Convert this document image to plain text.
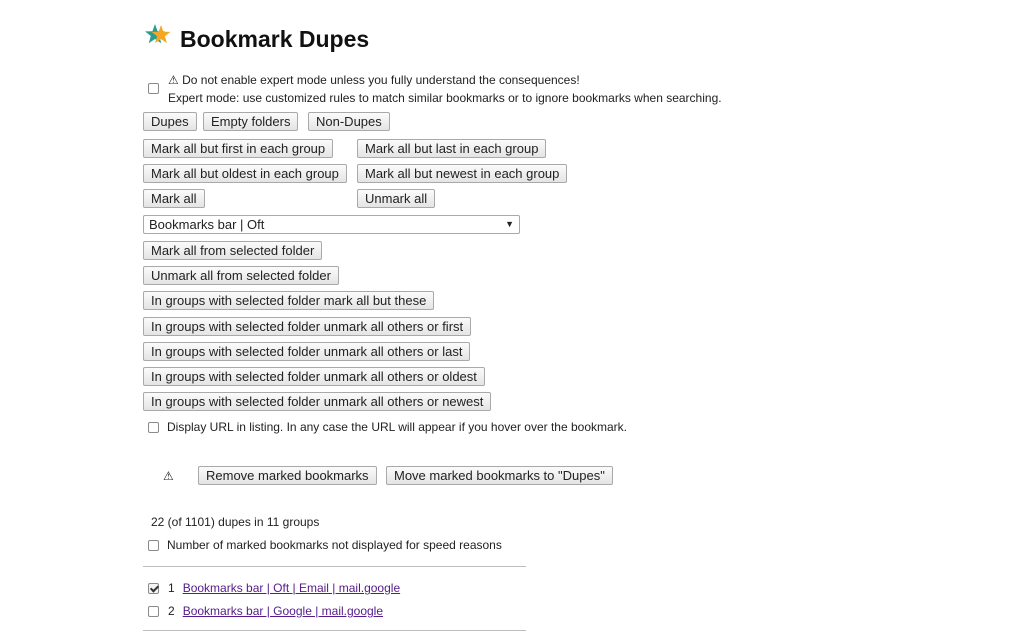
Bookmark Dupes
⚠ Do not enable expert mode unless you fully understand the consequences!
Expert mode: use customized rules to match similar bookmarks or to ignore bookmarks when searching.
Dupes	Empty folders	Non-Dupes
Mark all but first in each group	Mark all but last in each group
Mark all but oldest in each group	Mark all but newest in each group
Mark all	Unmark all
Bookmarks bar | Oft	▼
Mark all from selected folder
Unmark all from selected folder
In groups with selected folder mark all but these
In groups with selected folder unmark all others or first
In groups with selected folder unmark all others or last
In groups with selected folder unmark all others or oldest
In groups with selected folder unmark all others or newest
Display URL in listing. In any case the URL will appear if you hover over the bookmark.
⚠	Remove marked bookmarks	Move marked bookmarks to "Dupes"
22 (of 1101) dupes in 11 groups
Number of marked bookmarks not displayed for speed reasons
1 Bookmarks bar | Oft | Email | mail.google
2 Bookmarks bar | Google | mail.google
